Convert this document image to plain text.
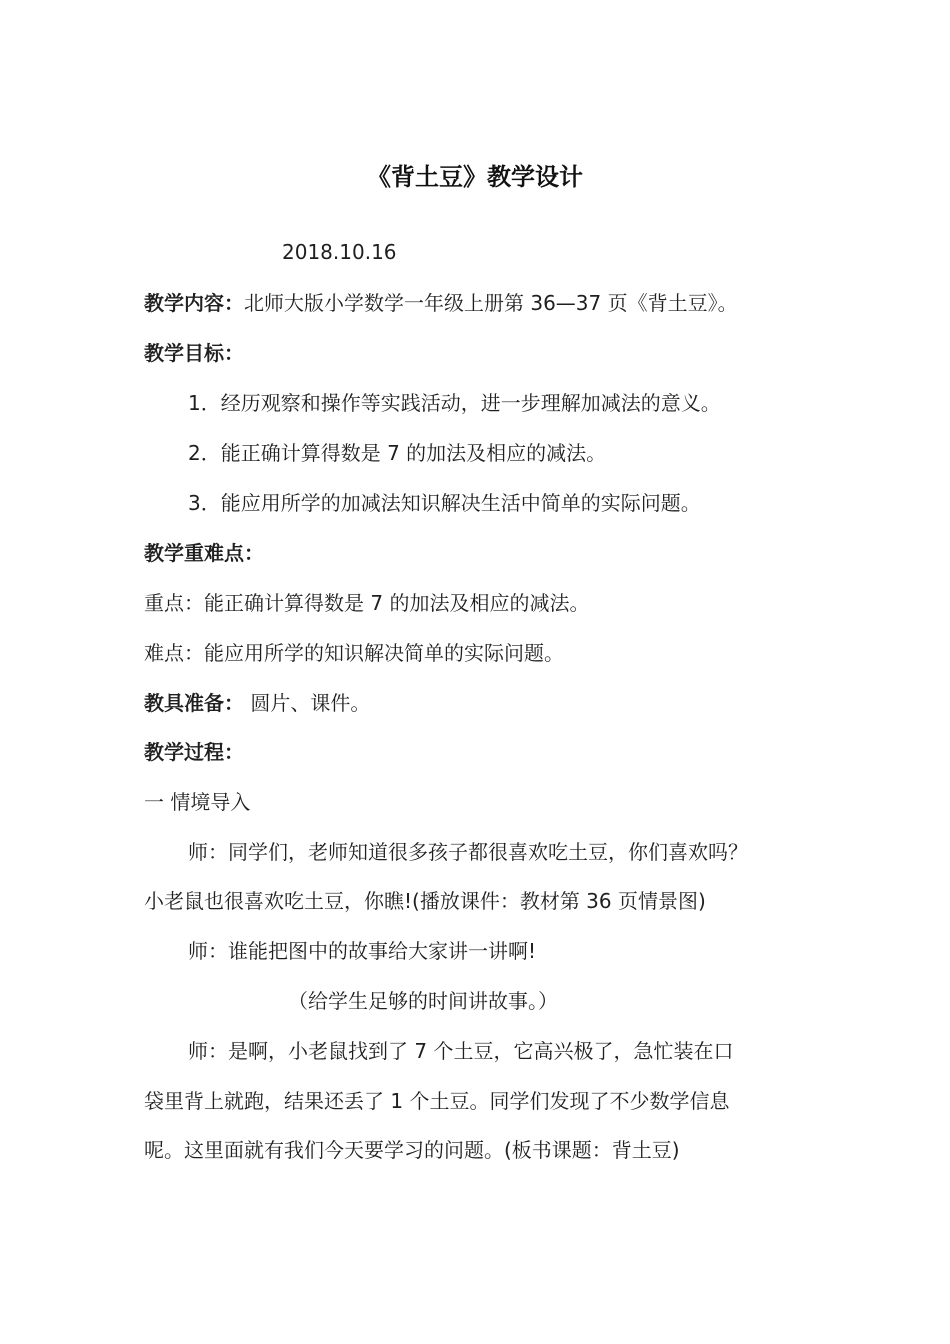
《背土豆》教学设计
2018.10.16
教学内容：北师大版小学数学一年级上册第 36—37 页《背土豆》。
教学目标：
1．经历观察和操作等实践活动，进一步理解加减法的意义。
2．能正确计算得数是 7 的加法及相应的减法。
3．能应用所学的加减法知识解决生活中简单的实际问题。
教学重难点：
重点：能正确计算得数是 7 的加法及相应的减法。
难点：能应用所学的知识解决简单的实际问题。
教具准备： 圆片、课件。
教学过程：
一 情境导入
师：同学们，老师知道很多孩子都很喜欢吃土豆，你们喜欢吗？
小老鼠也很喜欢吃土豆，你瞧!(播放课件：教材第 36 页情景图)
师：谁能把图中的故事给大家讲一讲啊!
（给学生足够的时间讲故事。）
师：是啊，小老鼠找到了 7 个土豆，它高兴极了，急忙装在口
袋里背上就跑，结果还丢了 1 个土豆。同学们发现了不少数学信息
呢。这里面就有我们今天要学习的问题。(板书课题：背土豆)
